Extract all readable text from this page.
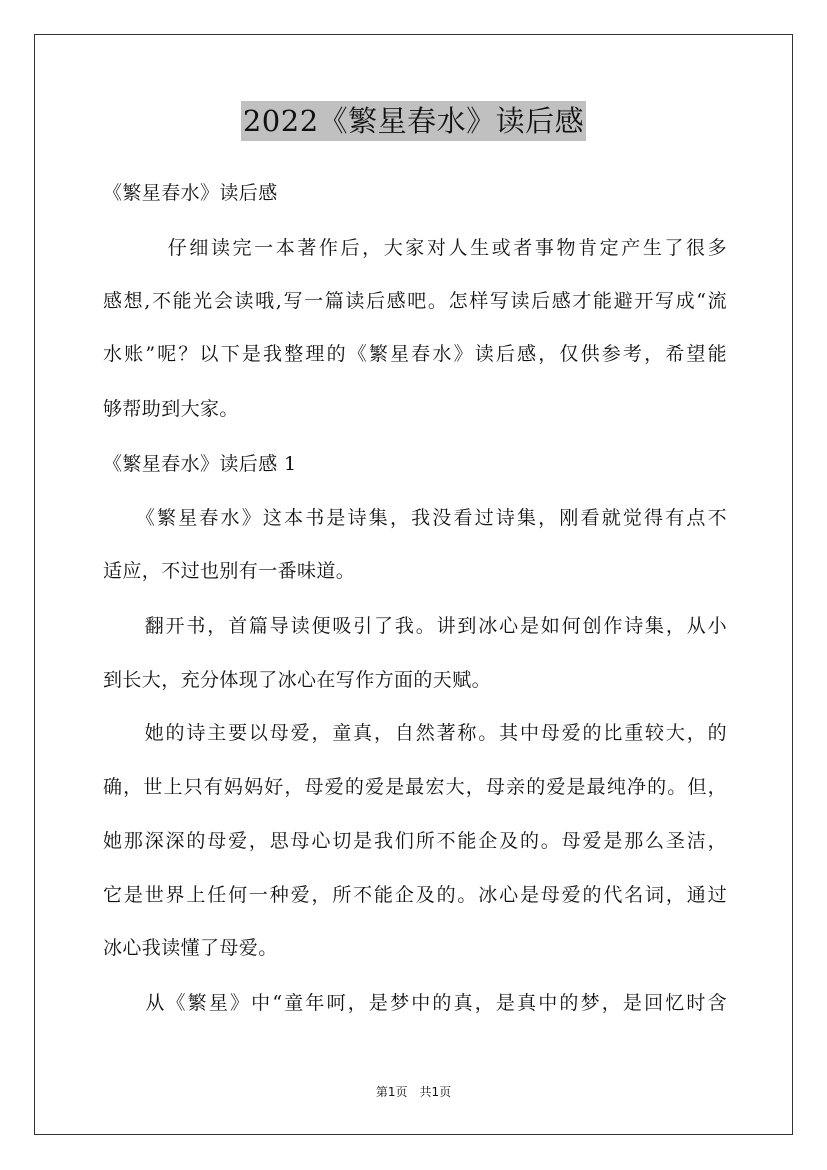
2022《繁星春水》读后感
《繁星春水》读后感
　　　仔细读完一本著作后，大家对人生或者事物肯定产生了很多
感想,不能光会读哦,写一篇读后感吧。怎样写读后感才能避开写成“流
水账”呢？以下是我整理的《繁星春水》读后感，仅供参考，希望能
够帮助到大家。
《繁星春水》读后感 1
　　《繁星春水》这本书是诗集，我没看过诗集，刚看就觉得有点不
适应，不过也别有一番味道。
　　翻开书，首篇导读便吸引了我。讲到冰心是如何创作诗集，从小
到长大，充分体现了冰心在写作方面的天赋。
　　她的诗主要以母爱，童真，自然著称。其中母爱的比重较大，的
确，世上只有妈妈好，母爱的爱是最宏大，母亲的爱是最纯净的。但，
她那深深的母爱，思母心切是我们所不能企及的。母爱是那么圣洁，
它是世界上任何一种爱，所不能企及的。冰心是母爱的代名词，通过
冰心我读懂了母爱。
　　从《繁星》中“童年呵，是梦中的真，是真中的梦，是回忆时含
第1页　共1页
